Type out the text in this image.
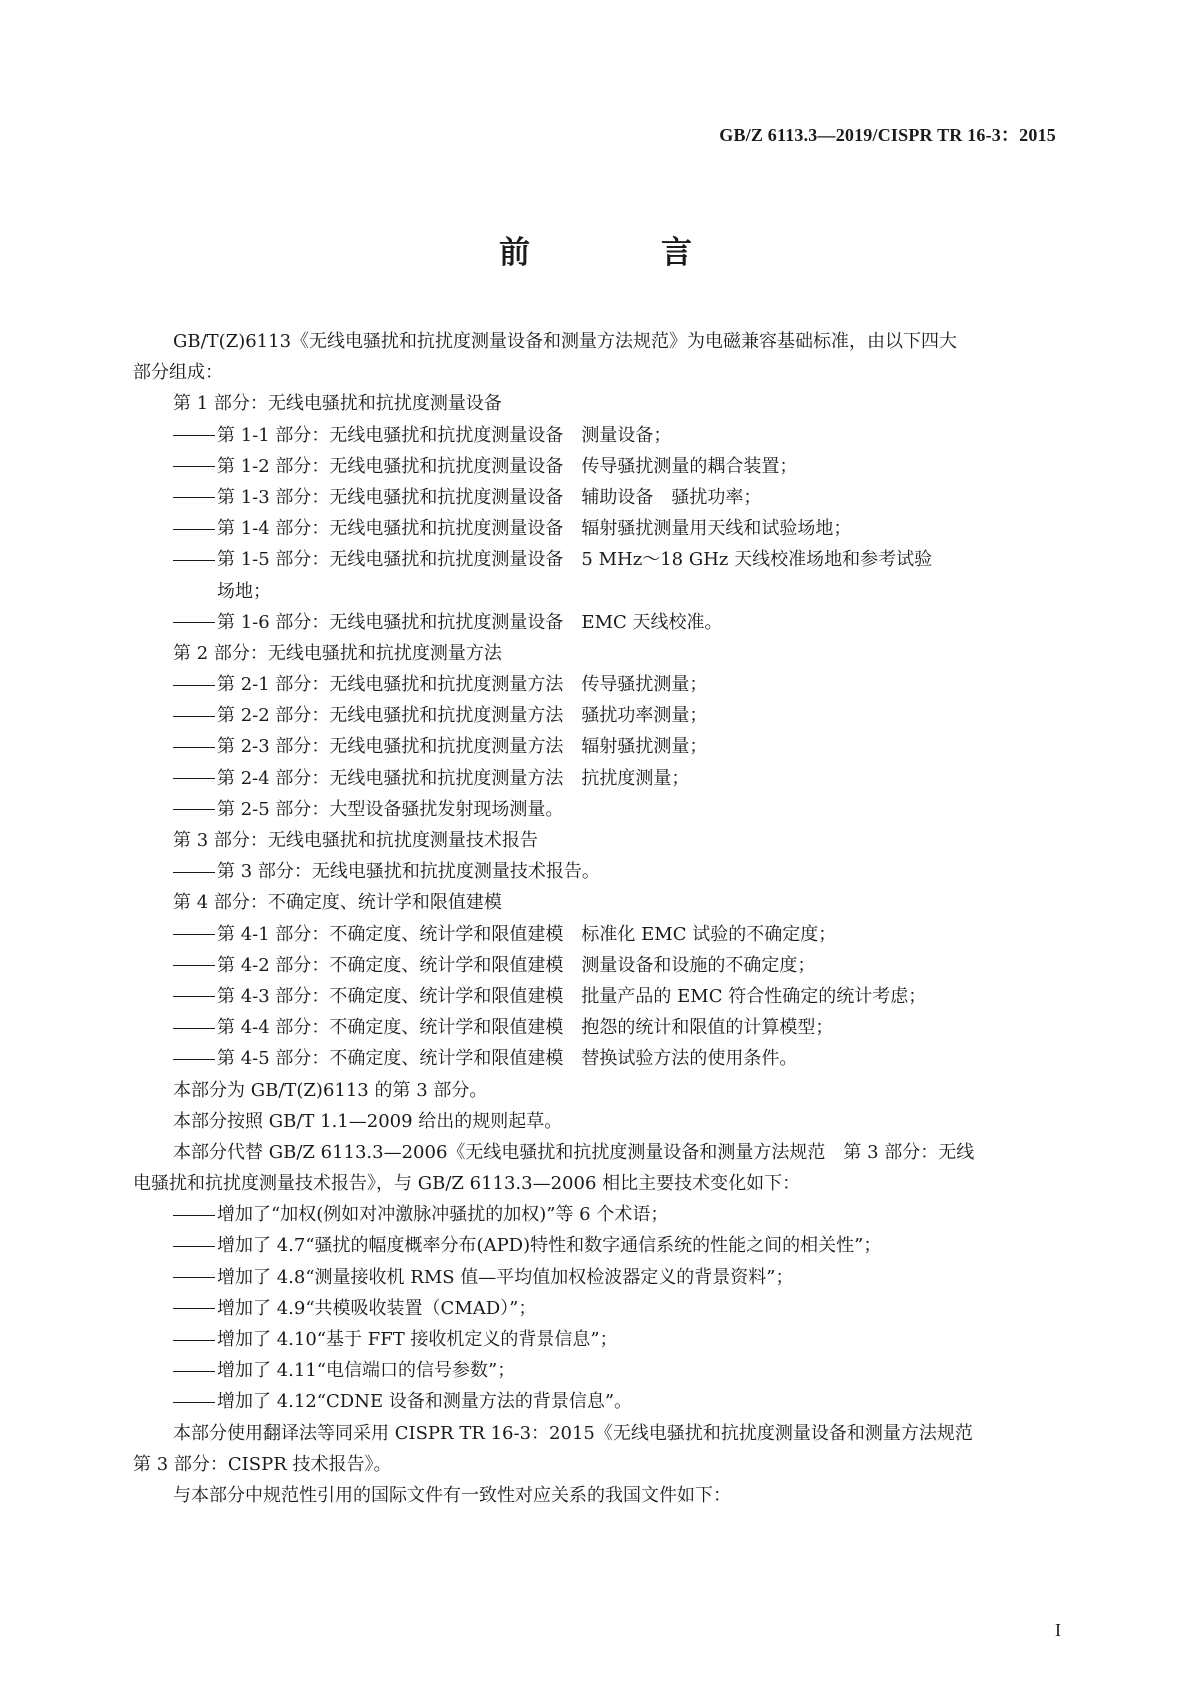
GB/Z 6113.3—2019/CISPR TR 16-3：2015
前　言
GB/T(Z)6113《无线电骚扰和抗扰度测量设备和测量方法规范》为电磁兼容基础标准，由以下四大
部分组成：
第 1 部分：无线电骚扰和抗扰度测量设备
第 1-1 部分：无线电骚扰和抗扰度测量设备　测量设备；
第 1-2 部分：无线电骚扰和抗扰度测量设备　传导骚扰测量的耦合装置；
第 1-3 部分：无线电骚扰和抗扰度测量设备　辅助设备　骚扰功率；
第 1-4 部分：无线电骚扰和抗扰度测量设备　辐射骚扰测量用天线和试验场地；
第 1-5 部分：无线电骚扰和抗扰度测量设备　5 MHz～18 GHz 天线校准场地和参考试验
场地；
第 1-6 部分：无线电骚扰和抗扰度测量设备　EMC 天线校准。
第 2 部分：无线电骚扰和抗扰度测量方法
第 2-1 部分：无线电骚扰和抗扰度测量方法　传导骚扰测量；
第 2-2 部分：无线电骚扰和抗扰度测量方法　骚扰功率测量；
第 2-3 部分：无线电骚扰和抗扰度测量方法　辐射骚扰测量；
第 2-4 部分：无线电骚扰和抗扰度测量方法　抗扰度测量；
第 2-5 部分：大型设备骚扰发射现场测量。
第 3 部分：无线电骚扰和抗扰度测量技术报告
第 3 部分：无线电骚扰和抗扰度测量技术报告。
第 4 部分：不确定度、统计学和限值建模
第 4-1 部分：不确定度、统计学和限值建模　标准化 EMC 试验的不确定度；
第 4-2 部分：不确定度、统计学和限值建模　测量设备和设施的不确定度；
第 4-3 部分：不确定度、统计学和限值建模　批量产品的 EMC 符合性确定的统计考虑；
第 4-4 部分：不确定度、统计学和限值建模　抱怨的统计和限值的计算模型；
第 4-5 部分：不确定度、统计学和限值建模　替换试验方法的使用条件。
本部分为 GB/T(Z)6113 的第 3 部分。
本部分按照 GB/T 1.1—2009 给出的规则起草。
本部分代替 GB/Z 6113.3—2006《无线电骚扰和抗扰度测量设备和测量方法规范　第 3 部分：无线
电骚扰和抗扰度测量技术报告》，与 GB/Z 6113.3—2006 相比主要技术变化如下：
增加了“加权(例如对冲激脉冲骚扰的加权)”等 6 个术语；
增加了 4.7“骚扰的幅度概率分布(APD)特性和数字通信系统的性能之间的相关性”；
增加了 4.8“测量接收机 RMS 值—平均值加权检波器定义的背景资料”；
增加了 4.9“共模吸收装置（CMAD）”；
增加了 4.10“基于 FFT 接收机定义的背景信息”；
增加了 4.11“电信端口的信号参数”；
增加了 4.12“CDNE 设备和测量方法的背景信息”。
本部分使用翻译法等同采用 CISPR TR 16-3：2015《无线电骚扰和抗扰度测量设备和测量方法规范
第 3 部分：CISPR 技术报告》。
与本部分中规范性引用的国际文件有一致性对应关系的我国文件如下：
I
